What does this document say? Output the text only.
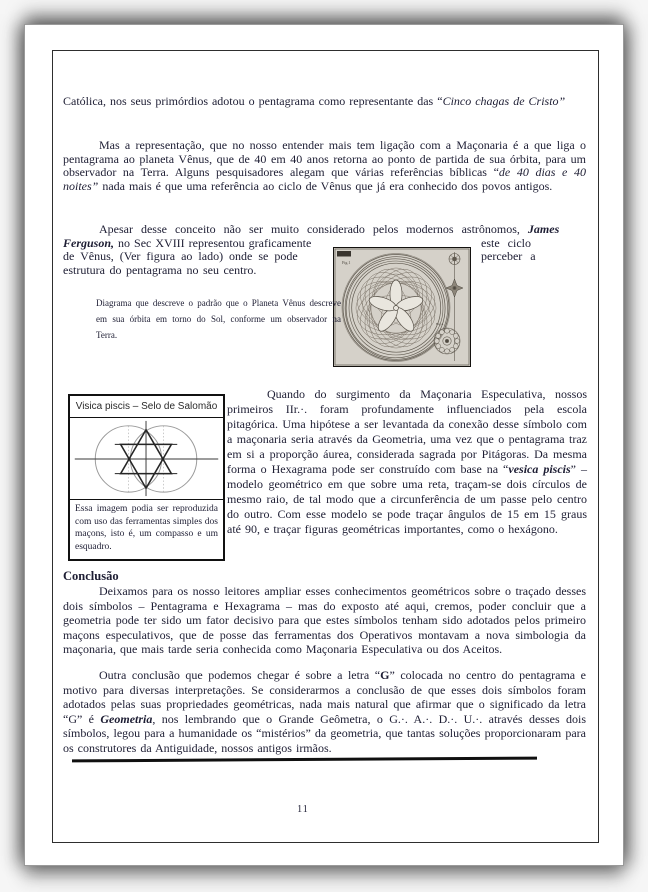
Católica, nos seus primórdios adotou o pentagrama como representante das “Cinco chagas de Cristo”
Mas a representação, que no nosso entender mais tem ligação com a Maçonaria é a que liga o pentagrama ao planeta Vênus, que de 40 em 40 anos retorna ao ponto de partida de sua órbita, para um observador na Terra. Alguns pesquisadores alegam que várias referências bíblicas “de 40 dias e 40 noites” nada mais é que uma referência ao ciclo de Vênus que já era conhecido dos povos antigos.
Apesar desse conceito não ser muito considerado pelos modernos astrônomos, James
Ferguson, no Sec XVIII representou graficamente	este ciclo
de Vênus, (Ver figura ao lado) onde se pode	perceber a
estrutura do pentagrama no seu centro.	Fig.1
Fig.4
Diagrama que descreve o padrão que o Planeta Vênus descreve em sua órbita em torno do Sol, conforme um observador na Terra.
Visica piscis – Selo de Salomão
Essa imagem podia ser reproduzida com uso das ferramentas simples dos maçons, isto é, um compasso e um esquadro.
Quando do surgimento da Maçonaria Especulativa, nossos primeiros IIr.·. foram profundamente influenciados pela escola pitagórica. Uma hipótese a ser levantada da conexão desse símbolo com a maçonaria seria através da Geometria, uma vez que o pentagrama traz em si a proporção áurea, considerada sagrada por Pitágoras. Da mesma forma o Hexagrama pode ser construído com base na “vesica piscis” – modelo geométrico em que sobre uma reta, traçam-se dois círculos de mesmo raio, de tal modo que a circunferência de um passe pelo centro do outro. Com esse modelo se pode traçar ângulos de 15 em 15 graus até 90, e traçar figuras geométricas importantes, como o hexágono.
Conclusão
Deixamos para os nosso leitores ampliar esses conhecimentos geométricos sobre o traçado desses dois símbolos – Pentagrama e Hexagrama – mas do exposto até aqui, cremos, poder concluir que a geometria pode ter sido um fator decisivo para que estes símbolos tenham sido adotados pelos primeiro maçons especulativos, que de posse das ferramentas dos Operativos montavam a nova simbologia da maçonaria, que mais tarde seria conhecida como Maçonaria Especulativa ou dos Aceitos.
Outra conclusão que podemos chegar é sobre a letra “G” colocada no centro do pentagrama e motivo para diversas interpretações. Se considerarmos a conclusão de que esses dois símbolos foram adotados pelas suas propriedades geométricas, nada mais natural que afirmar que o significado da letra “G” é Geometria, nos lembrando que o Grande Geômetra, o G.·. A.·. D.·. U.·. através desses dois símbolos, legou para a humanidade os “mistérios” da geometria, que tantas soluções proporcionaram para os construtores da Antiguidade, nossos antigos irmãos.
11
